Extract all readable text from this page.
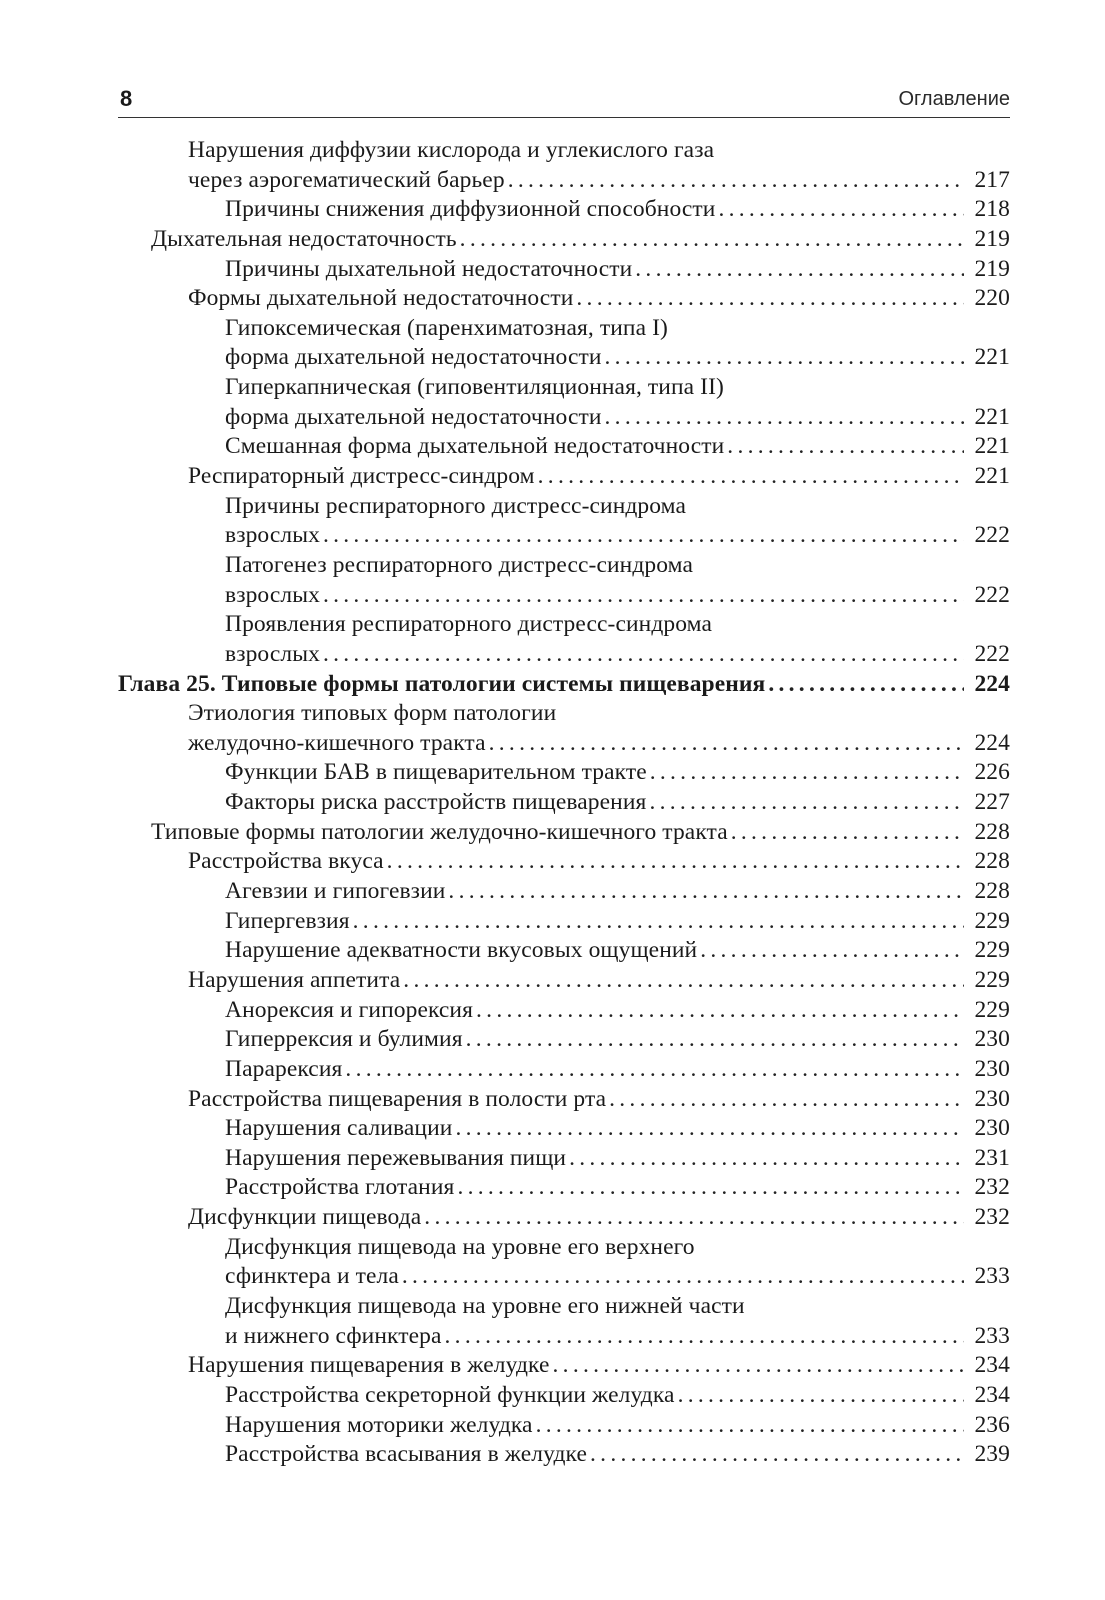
8	Оглавление
Нарушения диффузии кислорода и углекислого газа
через аэрогематический барьер . . .	217
Причины снижения диффузионной способности . . .	218
Дыхательная недостаточность . . .	219
Причины дыхательной недостаточности . . .	219
Формы дыхательной недостаточности . . .	220
Гипоксемическая (паренхиматозная, типа I)
форма дыхательной недостаточности . . .	221
Гиперкапническая (гиповентиляционная, типа II)
форма дыхательной недостаточности . . .	221
Смешанная форма дыхательной недостаточности . . .	221
Респираторный дистресс-синдром . . .	221
Причины респираторного дистресс-синдрома
взрослых . . .	222
Патогенез респираторного дистресс-синдрома
взрослых . . .	222
Проявления респираторного дистресс-синдрома
взрослых . . .	222
Глава 25. Типовые формы патологии системы пищеварения . . .	224
Этиология типовых форм патологии
желудочно-кишечного тракта . . .	224
Функции БАВ в пищеварительном тракте . . .	226
Факторы риска расстройств пищеварения . . .	227
Типовые формы патологии желудочно-кишечного тракта . . .	228
Расстройства вкуса . . .	228
Агевзии и гипогевзии . . .	228
Гипергевзия . . .	229
Нарушение адекватности вкусовых ощущений . . .	229
Нарушения аппетита . . .	229
Анорексия и гипорексия . . .	229
Гиперрексия и булимия . . .	230
Парарексия . . .	230
Расстройства пищеварения в полости рта . . .	230
Нарушения саливации . . .	230
Нарушения пережевывания пищи . . .	231
Расстройства глотания . . .	232
Дисфункции пищевода . . .	232
Дисфункция пищевода на уровне его верхнего
сфинктера и тела . . .	233
Дисфункция пищевода на уровне его нижней части
и нижнего сфинктера . . .	233
Нарушения пищеварения в желудке . . .	234
Расстройства секреторной функции желудка . . .	234
Нарушения моторики желудка . . .	236
Расстройства всасывания в желудке . . .	239
